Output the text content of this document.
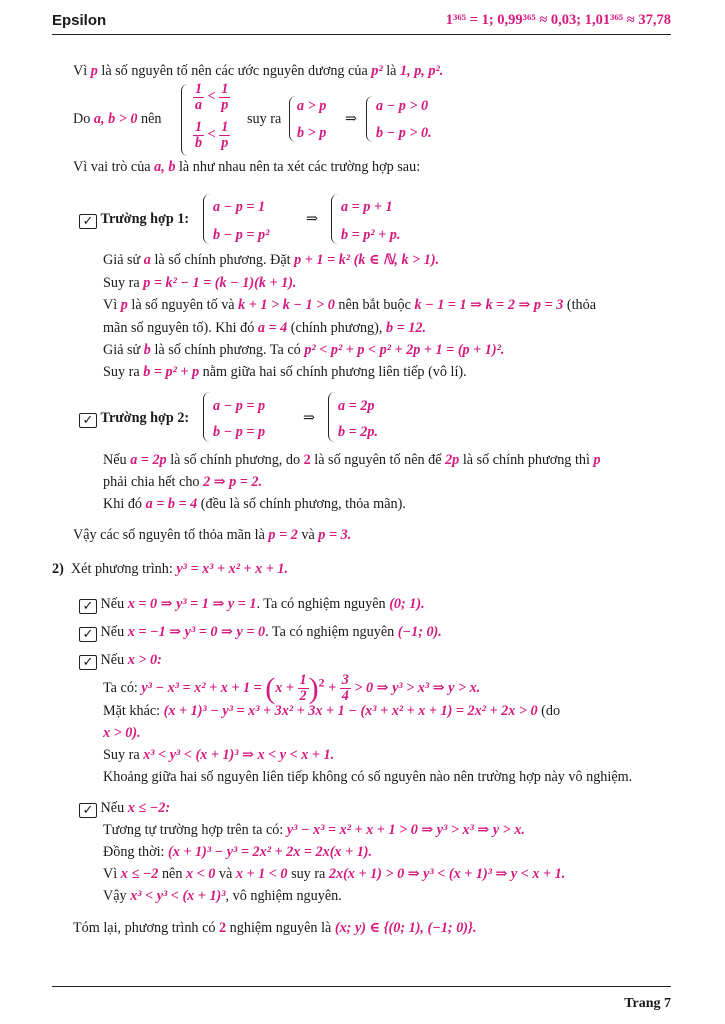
Epsilon	1³⁶⁵ = 1; 0,99³⁶⁵ ≈ 0,03; 1,01³⁶⁵ ≈ 37,78
Vì p là số nguyên tố nên các ước nguyên dương của p² là 1, p, p².
Do a, b > 0 nên
$\frac{1}{a} < \frac{1}{p}$
$\frac{1}{b} < \frac{1}{p}$
suy ra
a > p
b > p
⇒
a − p > 0
b − p > 0.
Vì vai trò của a, b là như nhau nên ta xét các trường hợp sau:
✓ Trường hợp 1:
a − p = 1
b − p = p²
⇒
a = p + 1
b = p² + p.
Giả sử a là số chính phương. Đặt p + 1 = k² (k ∈ ℕ, k > 1).
Suy ra p = k² − 1 = (k − 1)(k + 1).
Vì p là số nguyên tố và k + 1 > k − 1 > 0 nên bắt buộc k − 1 = 1 ⇒ k = 2 ⇒ p = 3 (thỏa
mãn số nguyên tố). Khi đó a = 4 (chính phương), b = 12.
Giả sử b là số chính phương. Ta có p² < p² + p < p² + 2p + 1 = (p + 1)².
Suy ra b = p² + p nằm giữa hai số chính phương liên tiếp (vô lí).
✓ Trường hợp 2:
a − p = p
b − p = p
⇒
a = 2p
b = 2p.
Nếu a = 2p là số chính phương, do 2 là số nguyên tố nên để 2p là số chính phương thì p
phải chia hết cho 2 ⇒ p = 2.
Khi đó a = b = 4 (đều là số chính phương, thỏa mãn).
Vậy các số nguyên tố thỏa mãn là p = 2 và p = 3.
2) Xét phương trình: y³ = x³ + x² + x + 1.
✓ Nếu x = 0 ⇒ y³ = 1 ⇒ y = 1. Ta có nghiệm nguyên (0; 1).
✓ Nếu x = −1 ⇒ y³ = 0 ⇒ y = 0. Ta có nghiệm nguyên (−1; 0).
✓ Nếu x > 0:
Ta có: $y^3 - x^3 = x^2 + x + 1 = (x + \frac{1}{2} )^2 + \frac{3}{4} > 0$ ⇒ y³ > x³ ⇒ y > x.
Mặt khác: (x + 1)³ − y³ = x³ + 3x² + 3x + 1 − (x³ + x² + x + 1) = 2x² + 2x > 0 (do
x > 0).
Suy ra x³ < y³ < (x + 1)³ ⇒ x < y < x + 1.
Khoảng giữa hai số nguyên liên tiếp không có số nguyên nào nên trường hợp này vô nghiệm.
✓ Nếu x ≤ −2:
Tương tự trường hợp trên ta có: y³ − x³ = x² + x + 1 > 0 ⇒ y³ > x³ ⇒ y > x.
Đồng thời: (x + 1)³ − y³ = 2x² + 2x = 2x(x + 1).
Vì x ≤ −2 nên x < 0 và x + 1 < 0 suy ra 2x(x + 1) > 0 ⇒ y³ < (x + 1)³ ⇒ y < x + 1.
Vậy x³ < y³ < (x + 1)³, vô nghiệm nguyên.
Tóm lại, phương trình có 2 nghiệm nguyên là (x; y) ∈ {(0; 1), (−1; 0)}.
Trang 7
